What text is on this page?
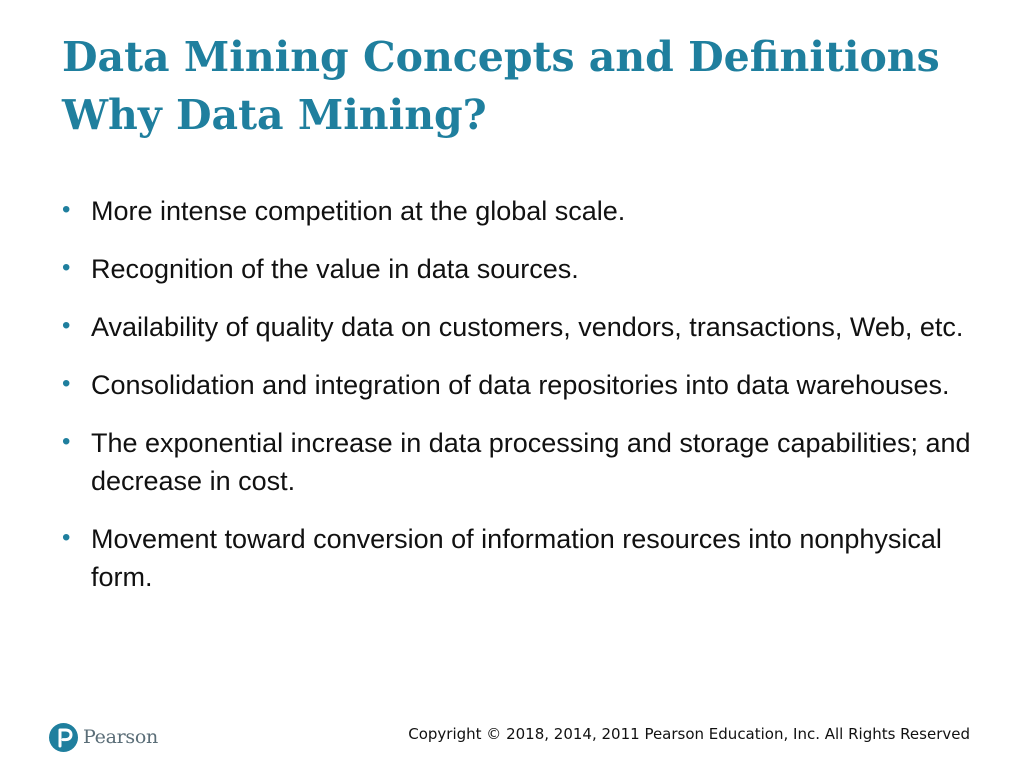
Data Mining Concepts and Definitions
Why Data Mining?
• More intense competition at the global scale.
• Recognition of the value in data sources.
• Availability of quality data on customers, vendors, transactions, Web, etc.
• Consolidation and integration of data repositories into data warehouses.
• The exponential increase in data processing and storage capabilities; and decrease in cost.
• Movement toward conversion of information resources into nonphysical form.
Pearson	Copyright © 2018, 2014, 2011 Pearson Education, Inc. All Rights Reserved
